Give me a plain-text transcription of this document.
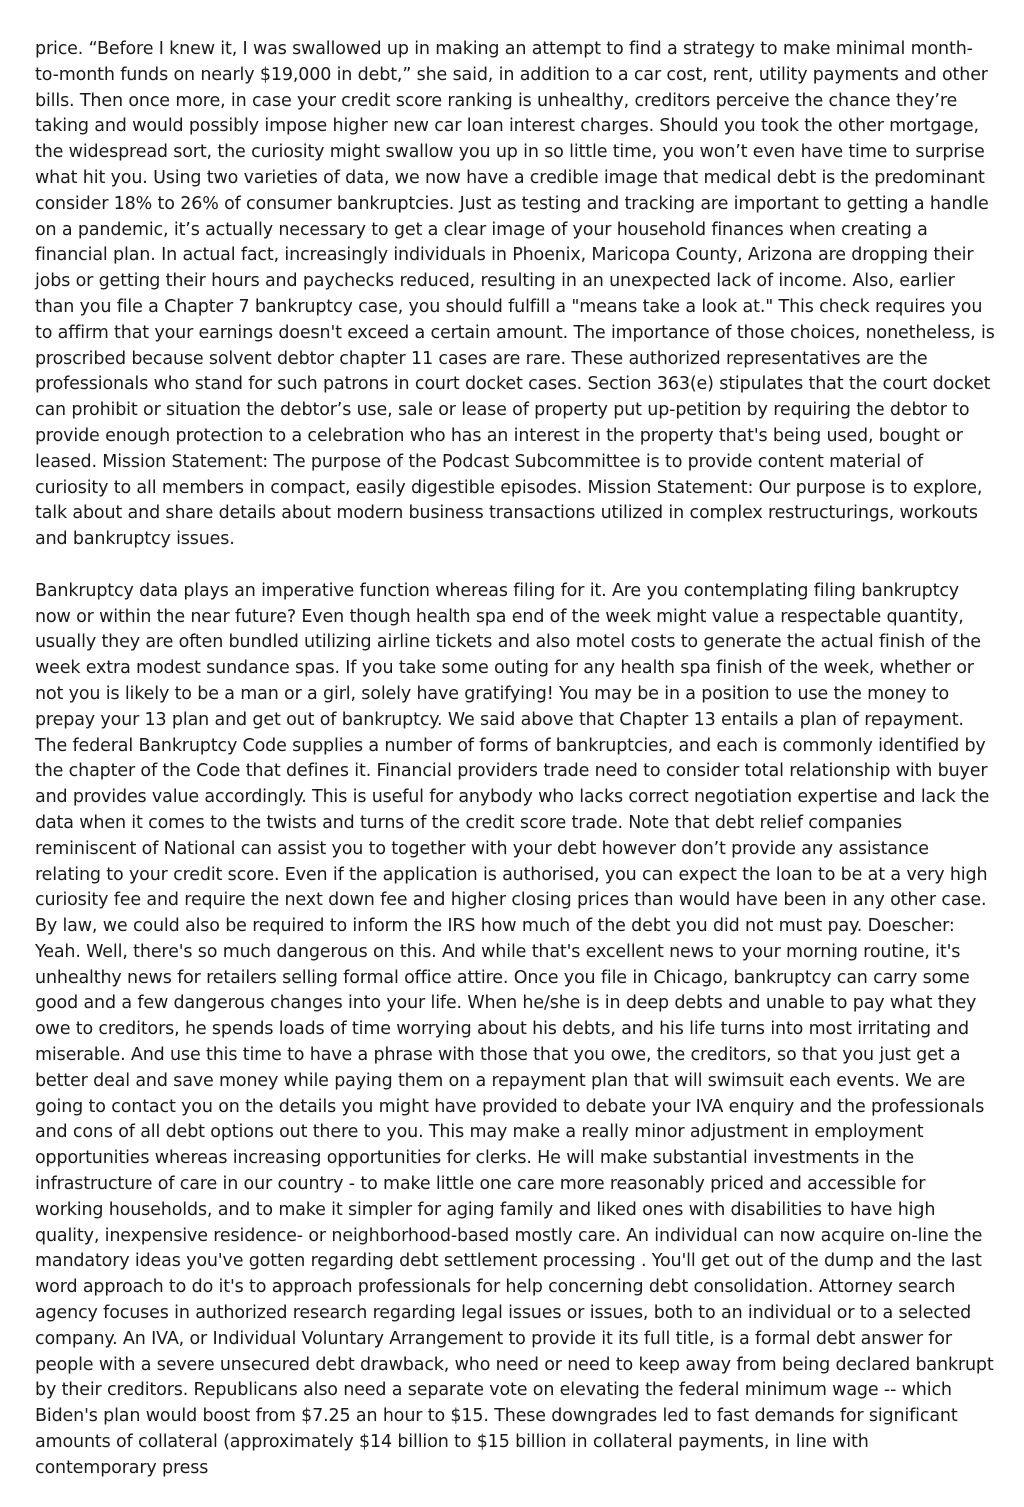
price. “Before I knew it, I was swallowed up in making an attempt to find a strategy to make minimal month-to-month funds on nearly $19,000 in debt,” she said, in addition to a car cost, rent, utility payments and other bills. Then once more, in case your credit score ranking is unhealthy, creditors perceive the chance they’re taking and would possibly impose higher new car loan interest charges. Should you took the other mortgage, the widespread sort, the curiosity might swallow you up in so little time, you won’t even have time to surprise what hit you. Using two varieties of data, we now have a credible image that medical debt is the predominant consider 18% to 26% of consumer bankruptcies. Just as testing and tracking are important to getting a handle on a pandemic, it’s actually necessary to get a clear image of your household finances when creating a financial plan. In actual fact, increasingly individuals in Phoenix, Maricopa County, Arizona are dropping their jobs or getting their hours and paychecks reduced, resulting in an unexpected lack of income. Also, earlier than you file a Chapter 7 bankruptcy case, you should fulfill a "means take a look at." This check requires you to affirm that your earnings doesn't exceed a certain amount. The importance of those choices, nonetheless, is proscribed because solvent debtor chapter 11 cases are rare. These authorized representatives are the professionals who stand for such patrons in court docket cases. Section 363(e) stipulates that the court docket can prohibit or situation the debtor’s use, sale or lease of property put up-petition by requiring the debtor to provide enough protection to a celebration who has an interest in the property that's being used, bought or leased. Mission Statement: The purpose of the Podcast Subcommittee is to provide content material of curiosity to all members in compact, easily digestible episodes. Mission Statement: Our purpose is to explore, talk about and share details about modern business transactions utilized in complex restructurings, workouts and bankruptcy issues.

Bankruptcy data plays an imperative function whereas filing for it. Are you contemplating filing bankruptcy now or within the near future? Even though health spa end of the week might value a respectable quantity, usually they are often bundled utilizing airline tickets and also motel costs to generate the actual finish of the week extra modest sundance spas. If you take some outing for any health spa finish of the week, whether or not you is likely to be a man or a girl, solely have gratifying! You may be in a position to use the money to prepay your 13 plan and get out of bankruptcy. We said above that Chapter 13 entails a plan of repayment. The federal Bankruptcy Code supplies a number of forms of bankruptcies, and each is commonly identified by the chapter of the Code that defines it. Financial providers trade need to consider total relationship with buyer and provides value accordingly. This is useful for anybody who lacks correct negotiation expertise and lack the data when it comes to the twists and turns of the credit score trade. Note that debt relief companies reminiscent of National can assist you to together with your debt however don’t provide any assistance relating to your credit score. Even if the application is authorised, you can expect the loan to be at a very high curiosity fee and require the next down fee and higher closing prices than would have been in any other case. By law, we could also be required to inform the IRS how much of the debt you did not must pay. Doescher: Yeah. Well, there's so much dangerous on this. And while that's excellent news to your morning routine, it's unhealthy news for retailers selling formal office attire. Once you file in Chicago, bankruptcy can carry some good and a few dangerous changes into your life. When he/she is in deep debts and unable to pay what they owe to creditors, he spends loads of time worrying about his debts, and his life turns into most irritating and miserable. And use this time to have a phrase with those that you owe, the creditors, so that you just get a better deal and save money while paying them on a repayment plan that will swimsuit each events. We are going to contact you on the details you might have provided to debate your IVA enquiry and the professionals and cons of all debt options out there to you. This may make a really minor adjustment in employment opportunities whereas increasing opportunities for clerks. He will make substantial investments in the infrastructure of care in our country - to make little one care more reasonably priced and accessible for working households, and to make it simpler for aging family and liked ones with disabilities to have high quality, inexpensive residence- or neighborhood-based mostly care. An individual can now acquire on-line the mandatory ideas you've gotten regarding debt settlement processing . You'll get out of the dump and the last word approach to do it's to approach professionals for help concerning debt consolidation. Attorney search agency focuses in authorized research regarding legal issues or issues, both to an individual or to a selected company. An IVA, or Individual Voluntary Arrangement to provide it its full title, is a formal debt answer for people with a severe unsecured debt drawback, who need or need to keep away from being declared bankrupt by their creditors. Republicans also need a separate vote on elevating the federal minimum wage -- which Biden's plan would boost from $7.25 an hour to $15. These downgrades led to fast demands for significant amounts of collateral (approximately $14 billion to $15 billion in collateral payments, in line with contemporary press
